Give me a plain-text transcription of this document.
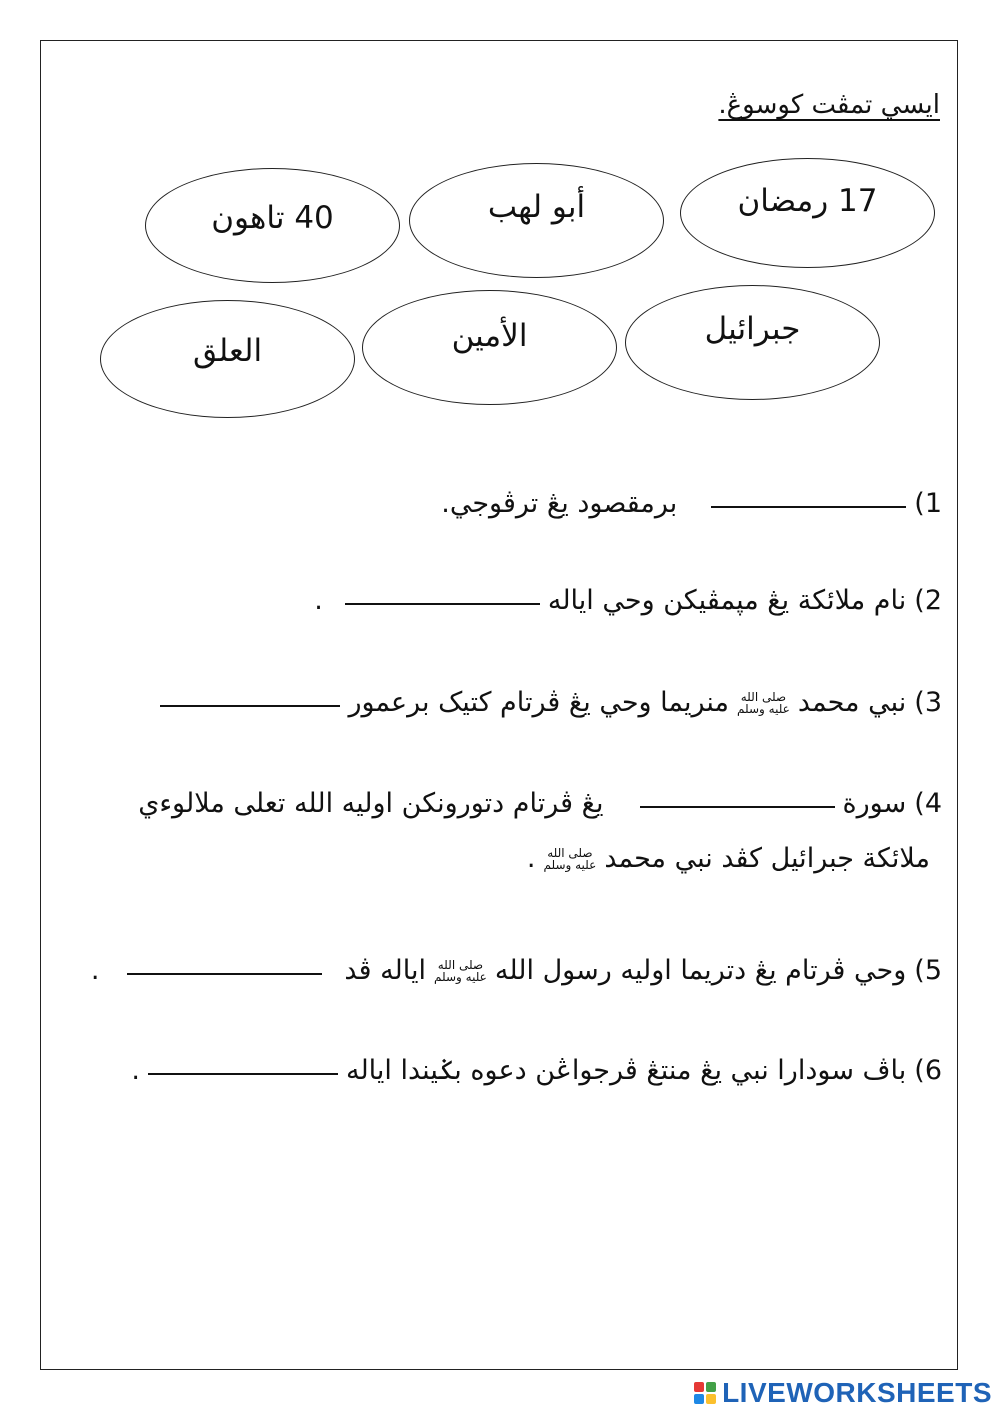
ايسي تمڤت كوسوڠ.
17 رمضان
أبو لهب
40 تاهون
جبرائيل
الأمين
العلق
1)
برمقصود يڠ ترڤوجي.
2)
نام ملائكة يڠ مڽمڤيكن وحي اياله
.
3)
نبي محمد
صلى الله
عليه وسلم
منريما وحي يڠ ڤرتام كتيک برعمور
4)
سورة
يڠ ڤرتام دتورونكن اوليه الله تعلى ملالوءي
ملائكة جبرائيل كڤد نبي محمد
صلى الله
عليه وسلم
.
5)
وحي ڤرتام يڠ دتريما اوليه رسول الله
صلى الله
عليه وسلم
اياله ڤد
.
6)
باڤ سودارا نبي يڠ منتڠ ڤرجواڠن دعوه بݢيندا اياله
.
LIVEWORKSHEETS
